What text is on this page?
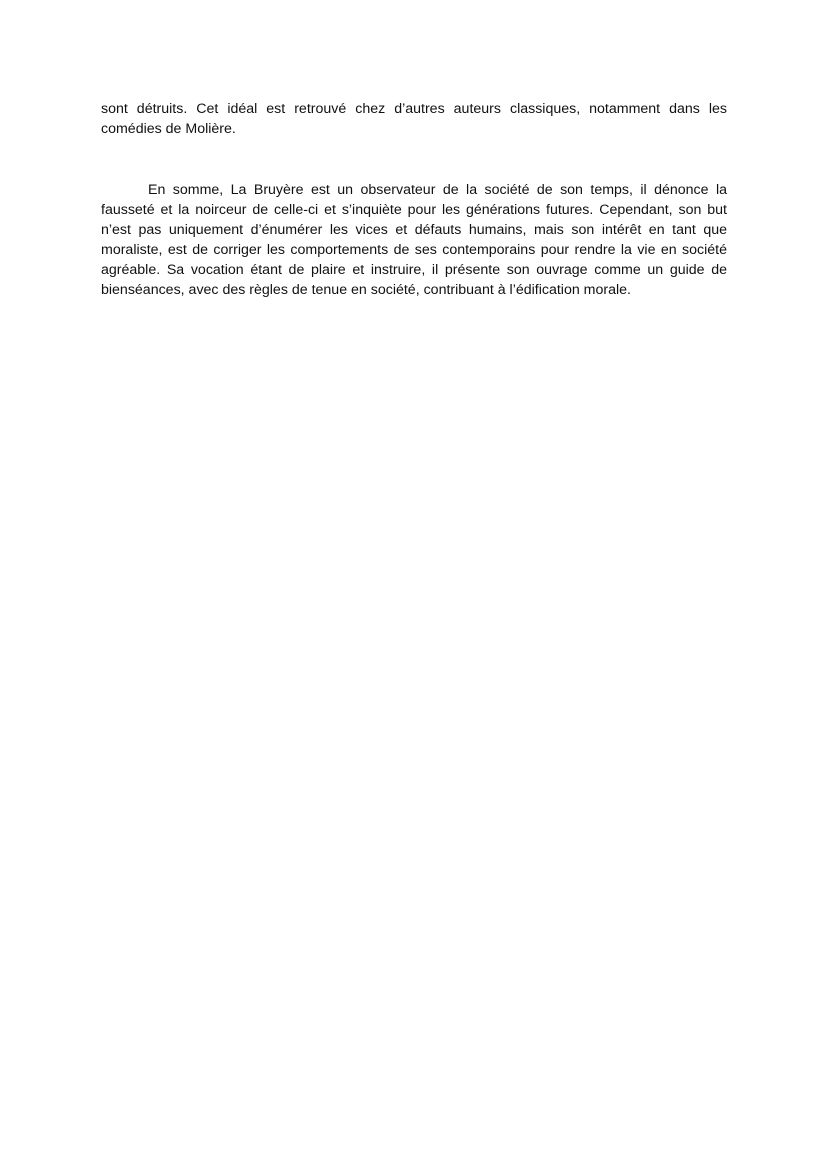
sont détruits. Cet idéal est retrouvé chez d’autres auteurs classiques, notamment dans les comédies de Molière.

En somme, La Bruyère est un observateur de la société de son temps, il dénonce la fausseté et la noirceur de celle-ci et s’inquiète pour les générations futures. Cependant, son but n’est pas uniquement d’énumérer les vices et défauts humains, mais son intérêt en tant que moraliste, est de corriger les comportements de ses contemporains pour rendre la vie en société agréable. Sa vocation étant de plaire et instruire, il présente son ouvrage comme un guide de bienséances, avec des règles de tenue en société, contribuant à l’édification morale.
